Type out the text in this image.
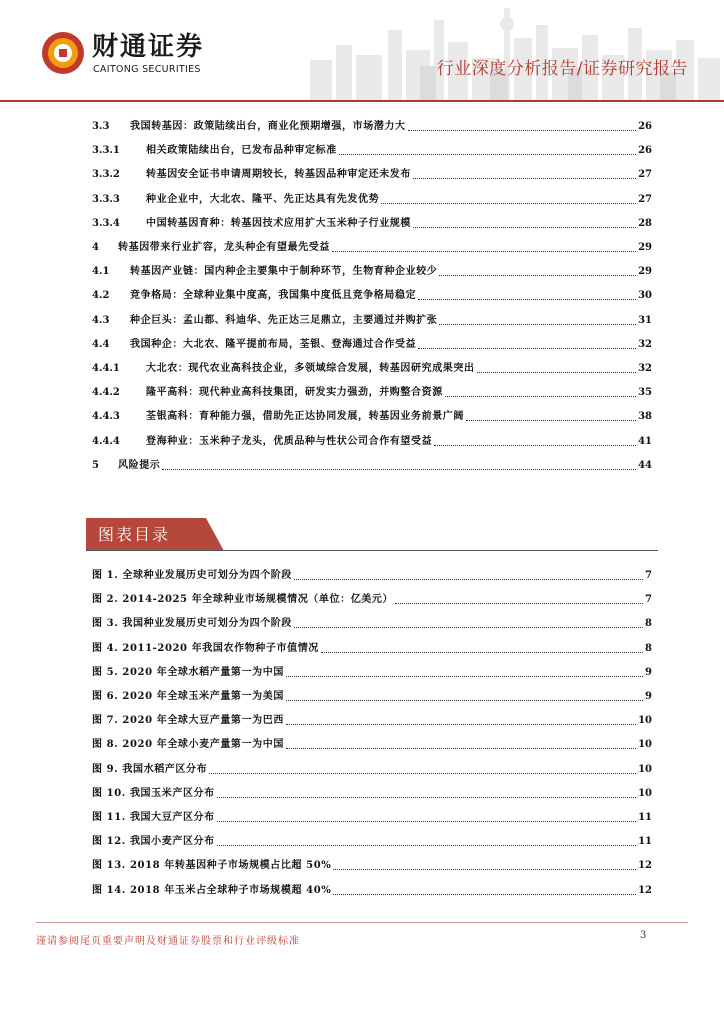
财通证券
CAITONG SECURITIES	行业深度分析报告/证券研究报告
3.3	我国转基因：政策陆续出台，商业化预期增强，市场潜力大	26
3.3.1	相关政策陆续出台，已发布品种审定标准	26
3.3.2	转基因安全证书申请周期较长，转基因品种审定还未发布	27
3.3.3	种业企业中，大北农、隆平、先正达具有先发优势	27
3.3.4	中国转基因育种：转基因技术应用扩大玉米种子行业规模	28
4	转基因带来行业扩容，龙头种企有望最先受益	29
4.1	转基因产业链：国内种企主要集中于制种环节，生物育种企业较少	29
4.2	竞争格局：全球种业集中度高，我国集中度低且竞争格局稳定	30
4.3	种企巨头：孟山都、科迪华、先正达三足鼎立，主要通过并购扩张	31
4.4	我国种企：大北农、隆平提前布局，荃银、登海通过合作受益	32
4.4.1	大北农：现代农业高科技企业，多领域综合发展，转基因研究成果突出	32
4.4.2	隆平高科：现代种业高科技集团，研发实力强劲，并购整合资源	35
4.4.3	荃银高科：育种能力强，借助先正达协同发展，转基因业务前景广阔	38
4.4.4	登海种业：玉米种子龙头，优质品种与性状公司合作有望受益	41
5	风险提示	44
图表目录
图 1. 全球种业发展历史可划分为四个阶段	7
图 2. 2014-2025 年全球种业市场规模情况（单位：亿美元）	7
图 3. 我国种业发展历史可划分为四个阶段	8
图 4. 2011-2020 年我国农作物种子市值情况	8
图 5. 2020 年全球水稻产量第一为中国	9
图 6. 2020 年全球玉米产量第一为美国	9
图 7. 2020 年全球大豆产量第一为巴西	10
图 8. 2020 年全球小麦产量第一为中国	10
图 9. 我国水稻产区分布	10
图 10. 我国玉米产区分布	10
图 11. 我国大豆产区分布	11
图 12. 我国小麦产区分布	11
图 13. 2018 年转基因种子市场规模占比超 50%	12
图 14. 2018 年玉米占全球种子市场规模超 40%	12
谨请参阅尾页重要声明及财通证券股票和行业评级标准
3
